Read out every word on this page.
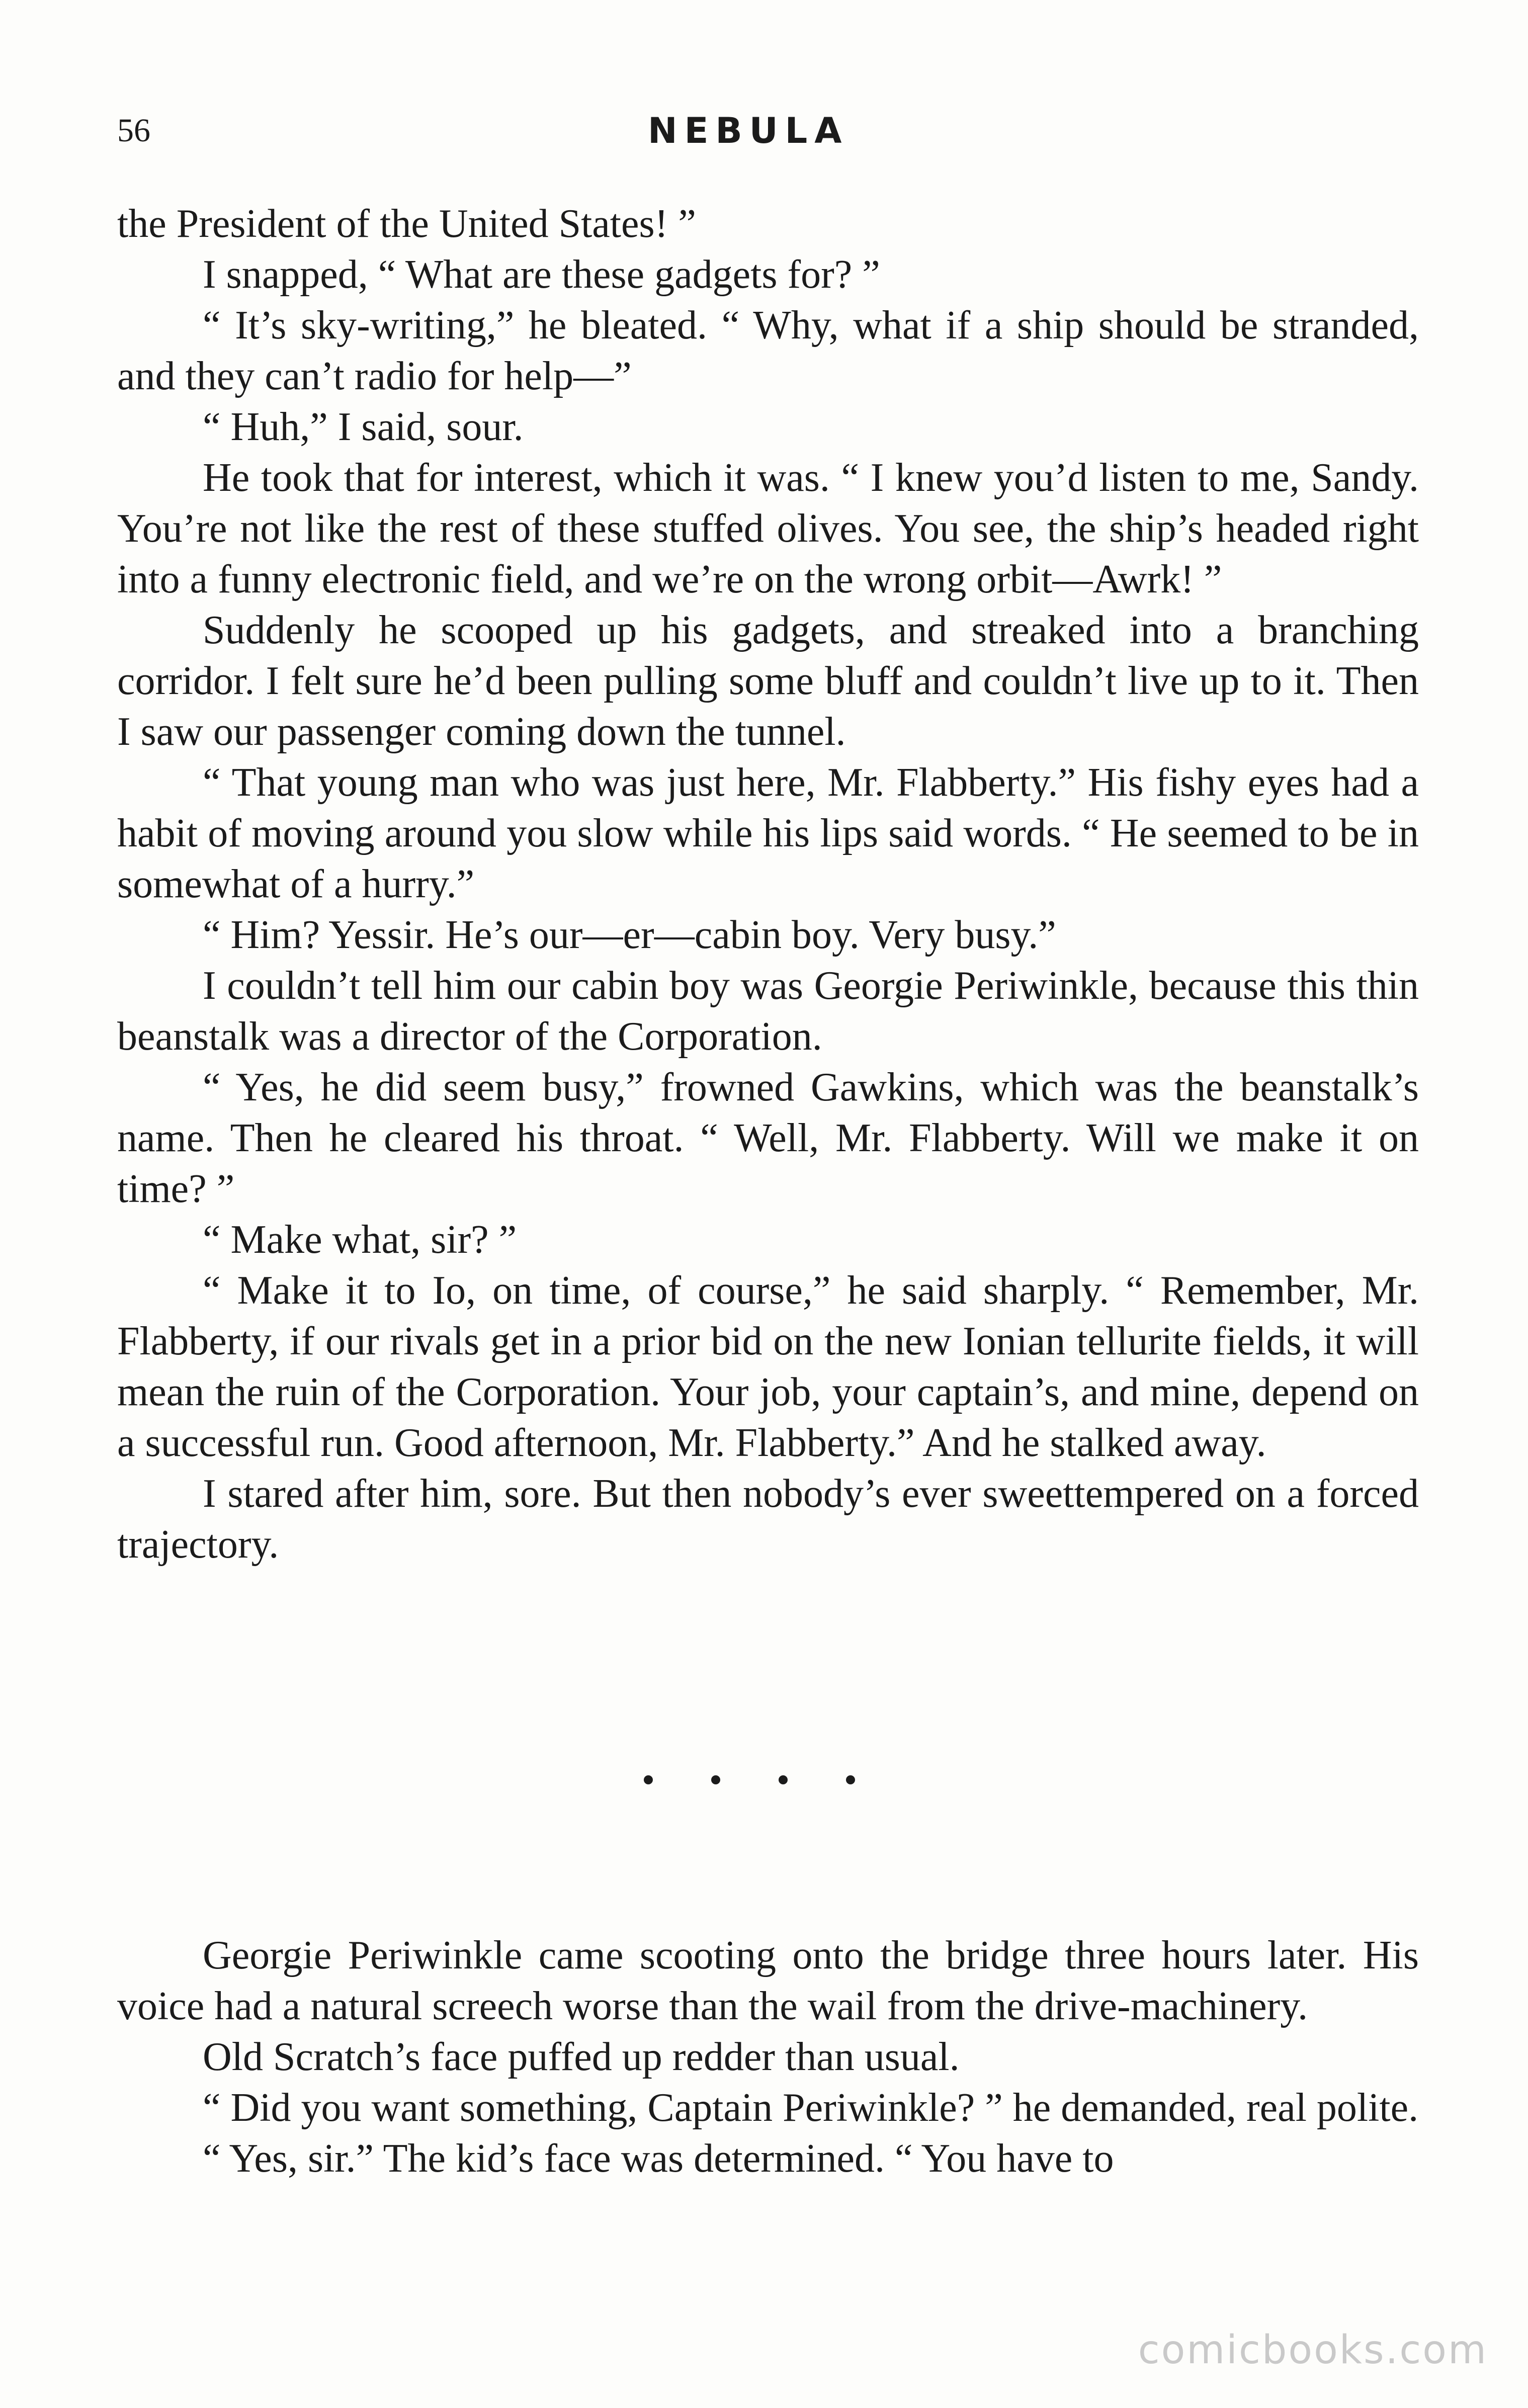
56	NEBULA

the President of the United States! ”

I snapped, “ What are these gadgets for? ”

“ It’s sky-writing,” he bleated. “ Why, what if a ship should be stranded, and they can’t radio for help—”

“ Huh,” I said, sour.

He took that for interest, which it was. “ I knew you’d listen to me, Sandy. You’re not like the rest of these stuffed olives. You see, the ship’s headed right into a funny electronic field, and we’re on the wrong orbit—Awrk! ”

Suddenly he scooped up his gadgets, and streaked into a branching corridor. I felt sure he’d been pulling some bluff and couldn’t live up to it. Then I saw our passenger coming down the tunnel.

“ That young man who was just here, Mr. Flabberty.” His fishy eyes had a habit of moving around you slow while his lips said words. “ He seemed to be in somewhat of a hurry.”

“ Him? Yessir. He’s our—er—cabin boy. Very busy.”

I couldn’t tell him our cabin boy was Georgie Periwinkle, because this thin beanstalk was a director of the Corporation.

“ Yes, he did seem busy,” frowned Gawkins, which was the beanstalk’s name. Then he cleared his throat. “ Well, Mr. Flabberty. Will we make it on time? ”

“ Make what, sir? ”

“ Make it to Io, on time, of course,” he said sharply. “ Remember, Mr. Flabberty, if our rivals get in a prior bid on the new Ionian tellurite fields, it will mean the ruin of the Corporation. Your job, your captain’s, and mine, depend on a successful run. Good afternoon, Mr. Flabberty.” And he stalked away.

I stared after him, sore. But then nobody’s ever sweettempered on a forced trajectory.

Georgie Periwinkle came scooting onto the bridge three hours later. His voice had a natural screech worse than the wail from the drive-machinery.

Old Scratch’s face puffed up redder than usual.

“ Did you want something, Captain Periwinkle? ” he demanded, real polite.

“ Yes, sir.” The kid’s face was determined. “ You have to

comicbooks.com
